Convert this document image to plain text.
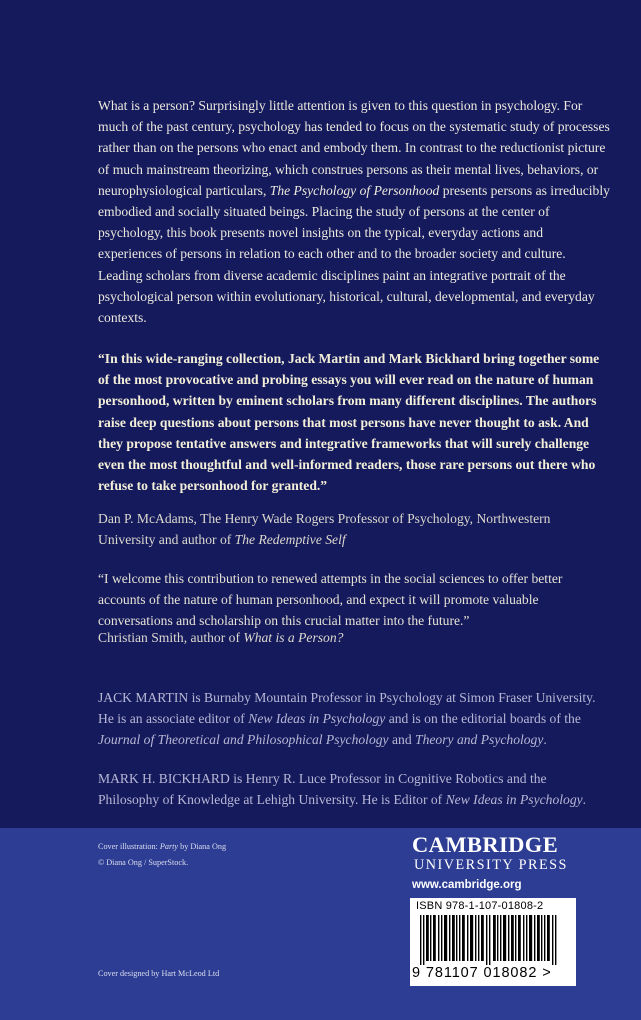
What is a person? Surprisingly little attention is given to this question in psychology. For much of the past century, psychology has tended to focus on the systematic study of processes rather than on the persons who enact and embody them. In contrast to the reductionist picture of much mainstream theorizing, which construes persons as their mental lives, behaviors, or neurophysiological particulars, The Psychology of Personhood presents persons as irreducibly embodied and socially situated beings. Placing the study of persons at the center of psychology, this book presents novel insights on the typical, everyday actions and experiences of persons in relation to each other and to the broader society and culture. Leading scholars from diverse academic disciplines paint an integrative portrait of the psychological person within evolutionary, historical, cultural, developmental, and everyday contexts.

“In this wide-ranging collection, Jack Martin and Mark Bickhard bring together some of the most provocative and probing essays you will ever read on the nature of human personhood, written by eminent scholars from many different disciplines. The authors raise deep questions about persons that most persons have never thought to ask. And they propose tentative answers and integrative frameworks that will surely challenge even the most thoughtful and well-informed readers, those rare persons out there who refuse to take personhood for granted.”

Dan P. McAdams, The Henry Wade Rogers Professor of Psychology, Northwestern University and author of The Redemptive Self

“I welcome this contribution to renewed attempts in the social sciences to offer better accounts of the nature of human personhood, and expect it will promote valuable conversations and scholarship on this crucial matter into the future.”

Christian Smith, author of What is a Person?

JACK MARTIN is Burnaby Mountain Professor in Psychology at Simon Fraser University. He is an associate editor of New Ideas in Psychology and is on the editorial boards of the Journal of Theoretical and Philosophical Psychology and Theory and Psychology.

MARK H. BICKHARD is Henry R. Luce Professor in Cognitive Robotics and the Philosophy of Knowledge at Lehigh University. He is Editor of New Ideas in Psychology.

Cover illustration: Party by Diana Ong
© Diana Ong / SuperStock.
Cover designed by Hart McLeod Ltd
CAMBRIDGE
UNIVERSITY PRESS
www.cambridge.org
ISBN 978-1-107-01808-2
9 781107 018082 >
